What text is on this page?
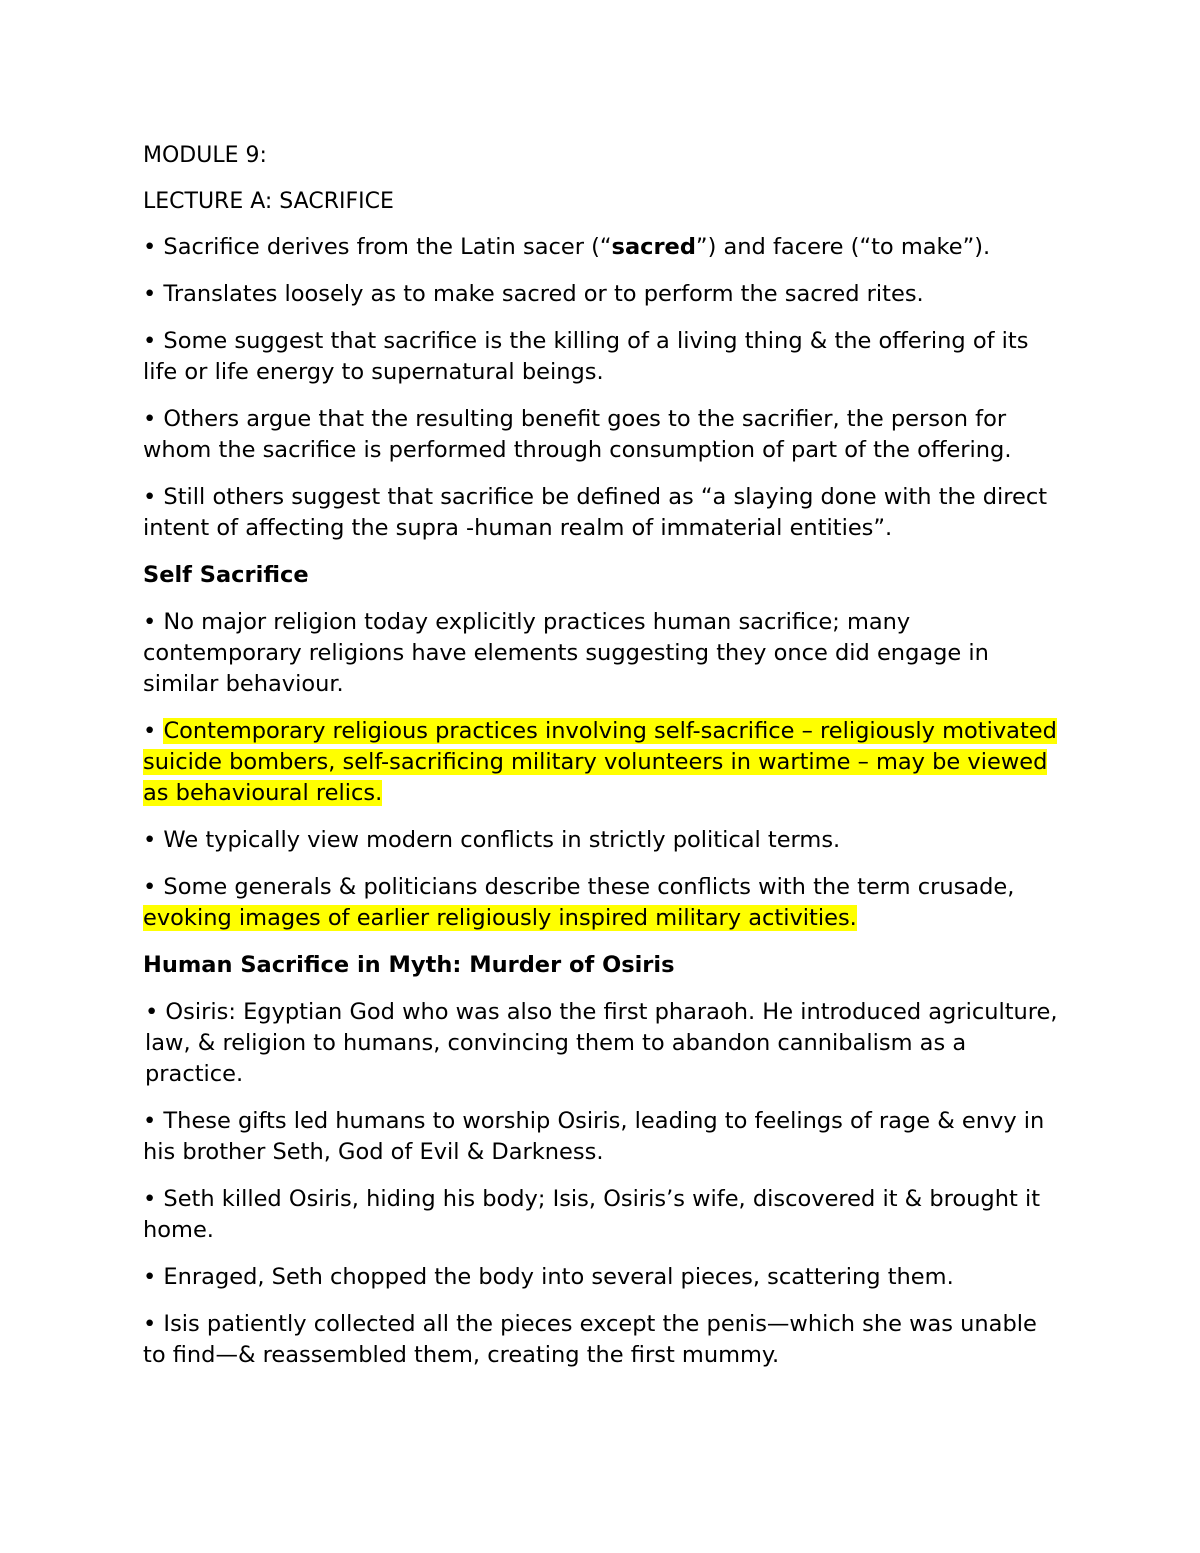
MODULE 9:

LECTURE A: SACRIFICE

• Sacrifice derives from the Latin sacer (“sacred”) and facere (“to make”).

• Translates loosely as to make sacred or to perform the sacred rites.

• Some suggest that sacrifice is the killing of a living thing & the offering of its life or life energy to supernatural beings.

• Others argue that the resulting benefit goes to the sacrifier, the person for whom the sacrifice is performed through consumption of part of the offering.

• Still others suggest that sacrifice be defined as “a slaying done with the direct intent of affecting the supra -human realm of immaterial entities”.

Self Sacrifice

• No major religion today explicitly practices human sacrifice; many contemporary religions have elements suggesting they once did engage in similar behaviour.

• Contemporary religious practices involving self-sacrifice – religiously motivated suicide bombers, self-sacrificing military volunteers in wartime – may be viewed as behavioural relics.

• We typically view modern conflicts in strictly political terms.

• Some generals & politicians describe these conflicts with the term crusade, evoking images of earlier religiously inspired military activities.

Human Sacrifice in Myth: Murder of Osiris

• Osiris: Egyptian God who was also the first pharaoh. He introduced agriculture, law, & religion to humans, convincing them to abandon cannibalism as a practice.

• These gifts led humans to worship Osiris, leading to feelings of rage & envy in his brother Seth, God of Evil & Darkness.

• Seth killed Osiris, hiding his body; Isis, Osiris’s wife, discovered it & brought it home.

• Enraged, Seth chopped the body into several pieces, scattering them.

• Isis patiently collected all the pieces except the penis—which she was unable to find—& reassembled them, creating the first mummy.
